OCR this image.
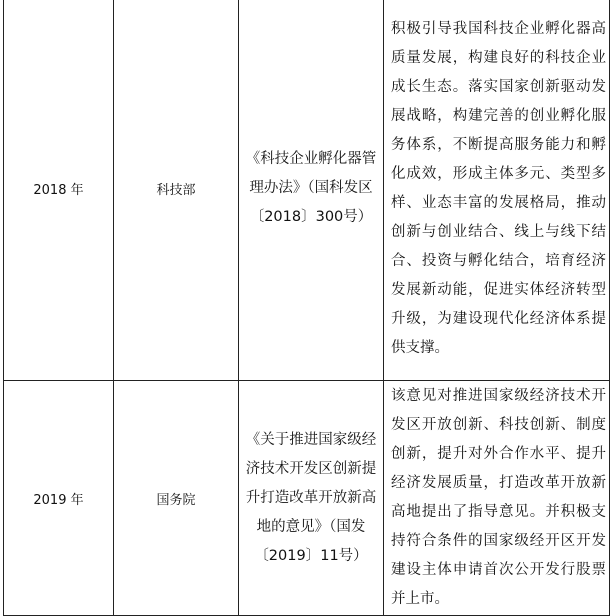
2018 年	科技部	《科技企业孵化器管理办法》（国科发区〔2018〕300号）	积极引导我国科技企业孵化器高质量发展，构建良好的科技企业成长生态。落实国家创新驱动发展战略，构建完善的创业孵化服务体系，不断提高服务能力和孵化成效，形成主体多元、类型多样、业态丰富的发展格局，推动创新与创业结合、线上与线下结合、投资与孵化结合，培育经济发展新动能，促进实体经济转型升级，为建设现代化经济体系提供支撑。
2019 年	国务院	《关于推进国家级经济技术开发区创新提升打造改革开放新高地的意见》（国发〔2019〕11号）	该意见对推进国家级经济技术开发区开放创新、科技创新、制度创新，提升对外合作水平、提升经济发展质量，打造改革开放新高地提出了指导意见。并积极支持符合条件的国家级经开区开发建设主体申请首次公开发行股票并上市。
